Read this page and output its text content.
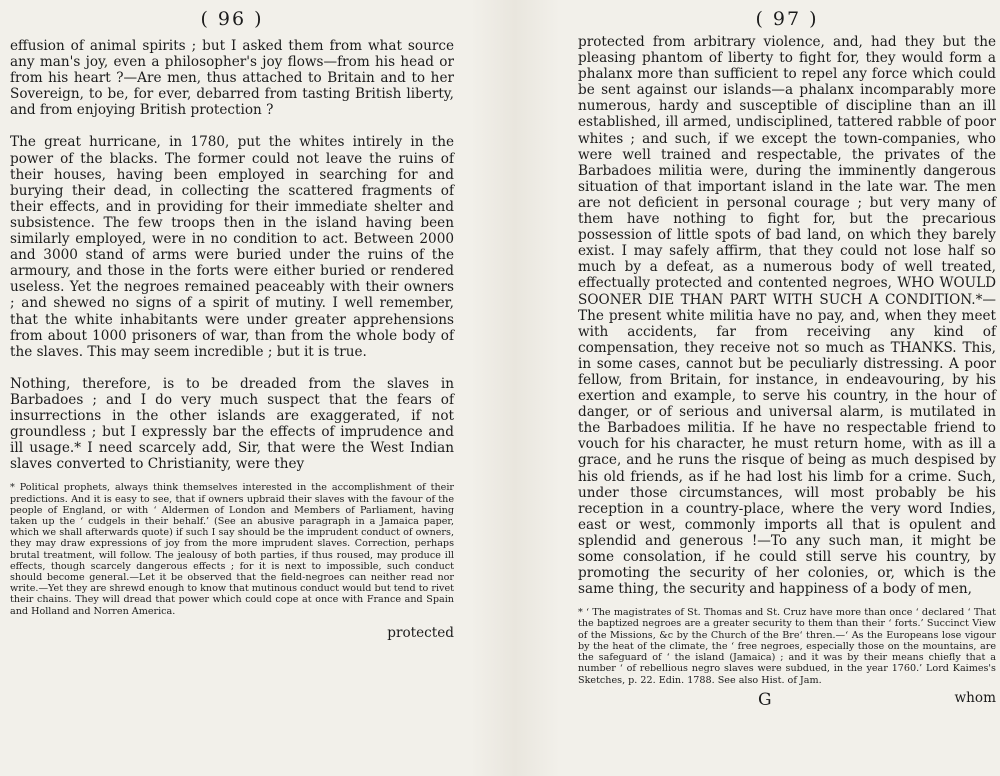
( 96 )

effusion of animal spirits ; but I asked them from what source any man's joy, even a philosopher's joy flows—from his head or from his heart ?—Are men, thus attached to Britain and to her Sovereign, to be, for ever, debarred from tasting British liberty, and from enjoying British protection ?

The great hurricane, in 1780, put the whites intirely in the power of the blacks. The former could not leave the ruins of their houses, having been employed in searching for and burying their dead, in collecting the scattered fragments of their effects, and in providing for their immediate shelter and subsistence. The few troops then in the island having been similarly employed, were in no condition to act. Between 2000 and 3000 stand of arms were buried under the ruins of the armoury, and those in the forts were either buried or rendered useless. Yet the negroes remained peaceably with their owners ; and shewed no signs of a spirit of mutiny. I well remember, that the white inhabitants were under greater apprehensions from about 1000 prisoners of war, than from the whole body of the slaves. This may seem incredible ; but it is true.

Nothing, therefore, is to be dreaded from the slaves in Barbadoes ; and I do very much suspect that the fears of insurrections in the other islands are exaggerated, if not groundless ; but I expressly bar the effects of imprudence and ill usage.* I need scarcely add, Sir, that were the West Indian slaves converted to Christianity, were they

* Political prophets, always think themselves interested in the accomplishment of their predictions. And it is easy to see, that if owners upbraid their slaves with the favour of the people of England, or with ‘ Aldermen of London and Members of Parliament, having taken up the ‘ cudgels in their behalf.’ (See an abusive paragraph in a Jamaica paper, which we shall afterwards quote) if such I say should be the imprudent conduct of owners, they may draw expressions of joy from the more imprudent slaves. Correction, perhaps brutal treatment, will follow. The jealousy of both parties, if thus roused, may produce ill effects, though scarcely dangerous effects ; for it is next to impossible, such conduct should become general.—Let it be observed that the field-negroes can neither read nor write.—Yet they are shrewd enough to know that mutinous conduct would but tend to rivet their chains. They will dread that power which could cope at once with France and Spain and Holland and Norren America.
protected
( 97 )

protected from arbitrary violence, and, had they but the pleasing phantom of liberty to fight for, they would form a phalanx more than sufficient to repel any force which could be sent against our islands—a phalanx incomparably more numerous, hardy and susceptible of discipline than an ill established, ill armed, undisciplined, tattered rabble of poor whites ; and such, if we except the town-companies, who were well trained and respectable, the privates of the Barbadoes militia were, during the imminently dangerous situation of that important island in the late war. The men are not deficient in personal courage ; but very many of them have nothing to fight for, but the precarious possession of little spots of bad land, on which they barely exist. I may safely affirm, that they could not lose half so much by a defeat, as a numerous body of well treated, effectually protected and contented negroes, WHO WOULD SOONER DIE THAN PART WITH SUCH A CONDITION.*—The present white militia have no pay, and, when they meet with accidents, far from receiving any kind of compensation, they receive not so much as THANKS. This, in some cases, cannot but be peculiarly distressing. A poor fellow, from Britain, for instance, in endeavouring, by his exertion and example, to serve his country, in the hour of danger, or of serious and universal alarm, is mutilated in the Barbadoes militia. If he have no respectable friend to vouch for his character, he must return home, with as ill a grace, and he runs the risque of being as much despised by his old friends, as if he had lost his limb for a crime. Such, under those circumstances, will most probably be his reception in a country-place, where the very word Indies, east or west, commonly imports all that is opulent and splendid and generous !—To any such man, it might be some consolation, if he could still serve his country, by promoting the security of her colonies, or, which is the same thing, the security and happiness of a body of men,

* ‘ The magistrates of St. Thomas and St. Cruz have more than once ‘ declared ‘ That the baptized negroes are a greater security to them than their ‘ forts.’ Succinct View of the Missions, &c by the Church of the Bre‘ thren.—‘ As the Europeans lose vigour by the heat of the climate, the ‘ free negroes, especially those on the mountains, are the safeguard of ‘ the island (Jamaica) ; and it was by their means chiefly that a number ‘ of rebellious negro slaves were subdued, in the year 1760.’ Lord Kaimes's Sketches, p. 22. Edin. 1788. See also Hist. of Jam.
G	whom
